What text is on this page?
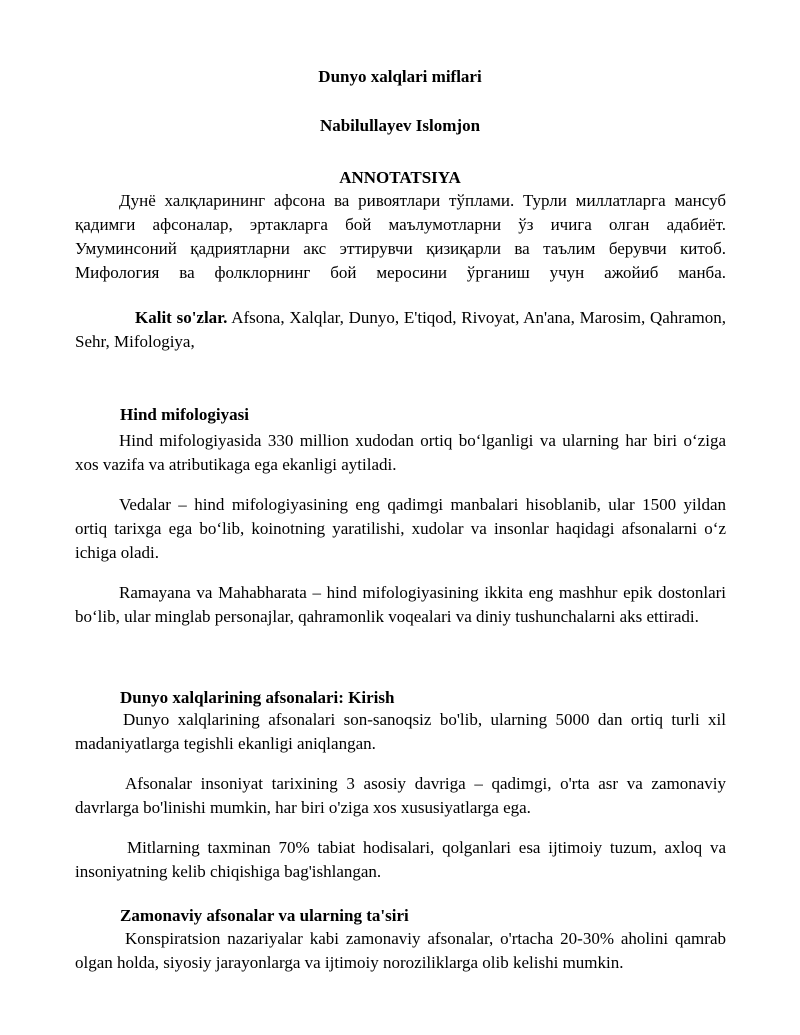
Dunyo xalqlari miflari
Nabilullayev Islomjon
ANNOTATSIYA

Дунё халқларининг афсона ва ривоятлари тўплами. Турли миллатларга мансуб қадимги афсоналар, эртакларга бой маълумотларни ўз ичига олган адабиёт. Умуминсоний қадриятларни акс эттирувчи қизиқарли ва таълим берувчи китоб. Мифология ва фолклорнинг бой меросини ўрганиш учун ажойиб манба.

Kalit so'zlar. Afsona, Xalqlar, Dunyo, E'tiqod, Rivoyat, An'ana, Marosim, Qahramon, Sehr, Mifologiya,

Hind mifologiyasi

Hind mifologiyasida 330 million xudodan ortiq boʻlganligi va ularning har biri oʻziga xos vazifa va atributikaga ega ekanligi aytiladi.

Vedalar – hind mifologiyasining eng qadimgi manbalari hisoblanib, ular 1500 yildan ortiq tarixga ega boʻlib, koinotning yaratilishi, xudolar va insonlar haqidagi afsonalarni oʻz ichiga oladi.

Ramayana va Mahabharata – hind mifologiyasining ikkita eng mashhur epik dostonlari boʻlib, ular minglab personajlar, qahramonlik voqealari va diniy tushunchalarni aks ettiradi.

Dunyo xalqlarining afsonalari: Kirish

Dunyo xalqlarining afsonalari son-sanoqsiz bo'lib, ularning 5000 dan ortiq turli xil madaniyatlarga tegishli ekanligi aniqlangan.

Afsonalar insoniyat tarixining 3 asosiy davriga – qadimgi, o'rta asr va zamonaviy davrlarga bo'linishi mumkin, har biri o'ziga xos xususiyatlarga ega.

Mitlarning taxminan 70% tabiat hodisalari, qolganlari esa ijtimoiy tuzum, axloq va insoniyatning kelib chiqishiga bag'ishlangan.

Zamonaviy afsonalar va ularning ta'siri

Konspiratsion nazariyalar kabi zamonaviy afsonalar, o'rtacha 20-30% aholini qamrab olgan holda, siyosiy jarayonlarga va ijtimoiy noroziliklarga olib kelishi mumkin.
